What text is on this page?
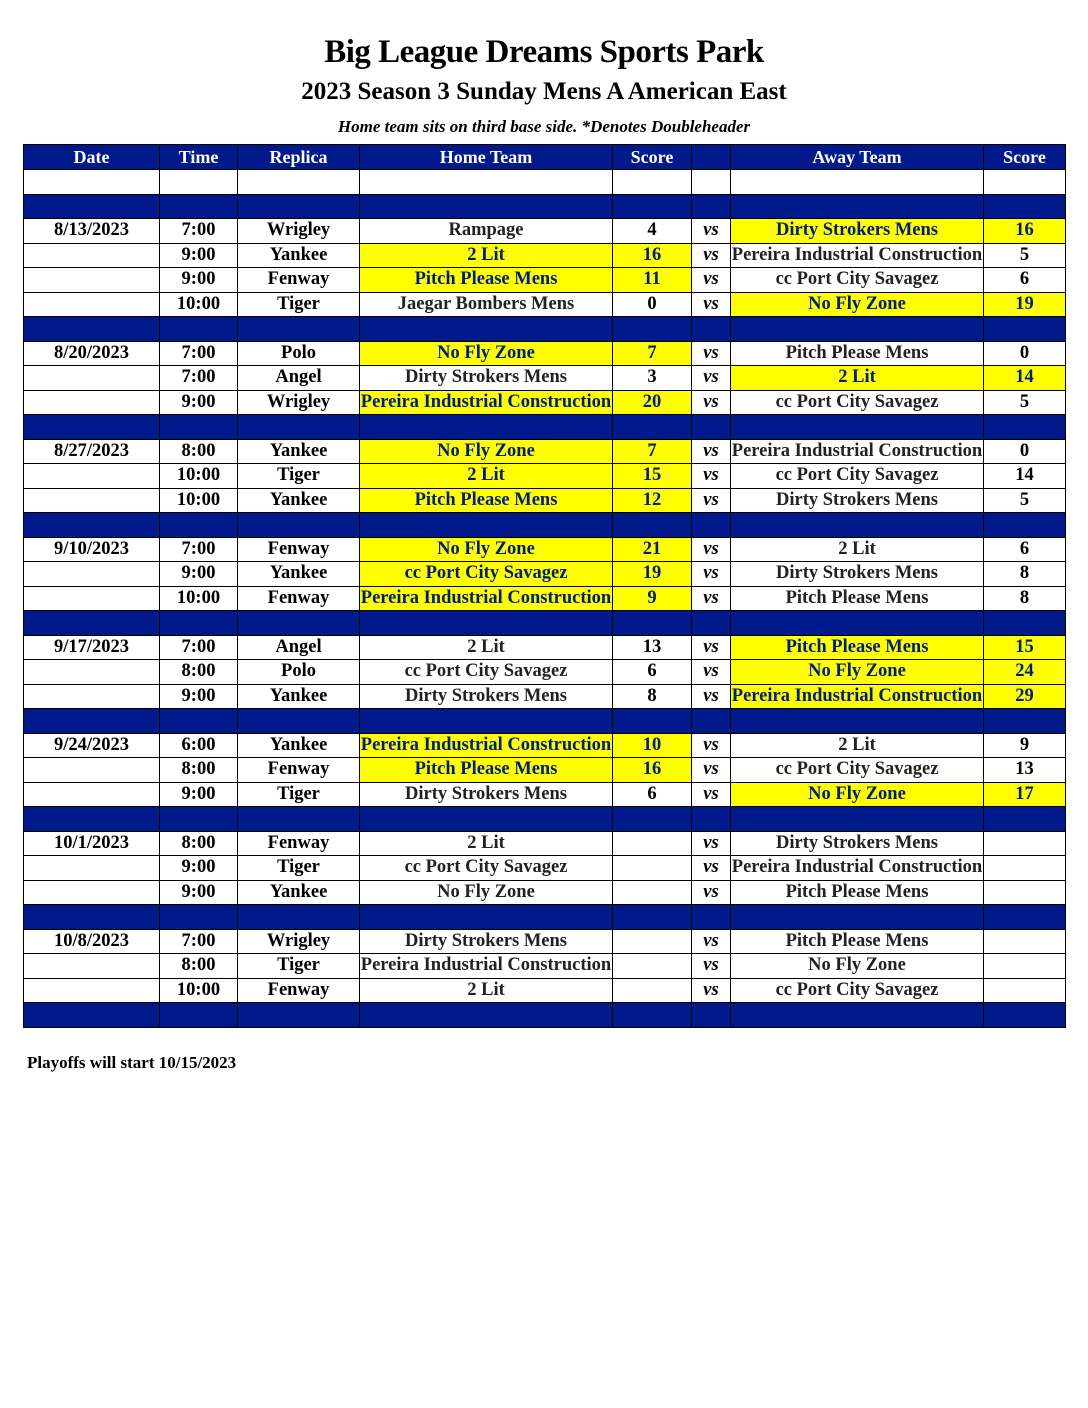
Big League Dreams Sports Park
2023 Season 3 Sunday Mens A American East
Home team sits on third base side. *Denotes Doubleheader
Date	Time	Replica	Home Team	Score		Away Team	Score

8/13/2023	7:00	Wrigley	Rampage	4	vs	Dirty Strokers Mens	16
	9:00	Yankee	2 Lit	16	vs	Pereira Industrial Construction	5
	9:00	Fenway	Pitch Please Mens	11	vs	cc Port City Savagez	6
	10:00	Tiger	Jaegar Bombers Mens	0	vs	No Fly Zone	19

8/20/2023	7:00	Polo	No Fly Zone	7	vs	Pitch Please Mens	0
	7:00	Angel	Dirty Strokers Mens	3	vs	2 Lit	14
	9:00	Wrigley	Pereira Industrial Construction	20	vs	cc Port City Savagez	5

8/27/2023	8:00	Yankee	No Fly Zone	7	vs	Pereira Industrial Construction	0
	10:00	Tiger	2 Lit	15	vs	cc Port City Savagez	14
	10:00	Yankee	Pitch Please Mens	12	vs	Dirty Strokers Mens	5

9/10/2023	7:00	Fenway	No Fly Zone	21	vs	2 Lit	6
	9:00	Yankee	cc Port City Savagez	19	vs	Dirty Strokers Mens	8
	10:00	Fenway	Pereira Industrial Construction	9	vs	Pitch Please Mens	8

9/17/2023	7:00	Angel	2 Lit	13	vs	Pitch Please Mens	15
	8:00	Polo	cc Port City Savagez	6	vs	No Fly Zone	24
	9:00	Yankee	Dirty Strokers Mens	8	vs	Pereira Industrial Construction	29

9/24/2023	6:00	Yankee	Pereira Industrial Construction	10	vs	2 Lit	9
	8:00	Fenway	Pitch Please Mens	16	vs	cc Port City Savagez	13
	9:00	Tiger	Dirty Strokers Mens	6	vs	No Fly Zone	17

10/1/2023	8:00	Fenway	2 Lit		vs	Dirty Strokers Mens	
	9:00	Tiger	cc Port City Savagez		vs	Pereira Industrial Construction	
	9:00	Yankee	No Fly Zone		vs	Pitch Please Mens	

10/8/2023	7:00	Wrigley	Dirty Strokers Mens		vs	Pitch Please Mens	
	8:00	Tiger	Pereira Industrial Construction		vs	No Fly Zone	
	10:00	Fenway	2 Lit		vs	cc Port City Savagez	

Playoffs will start 10/15/2023
